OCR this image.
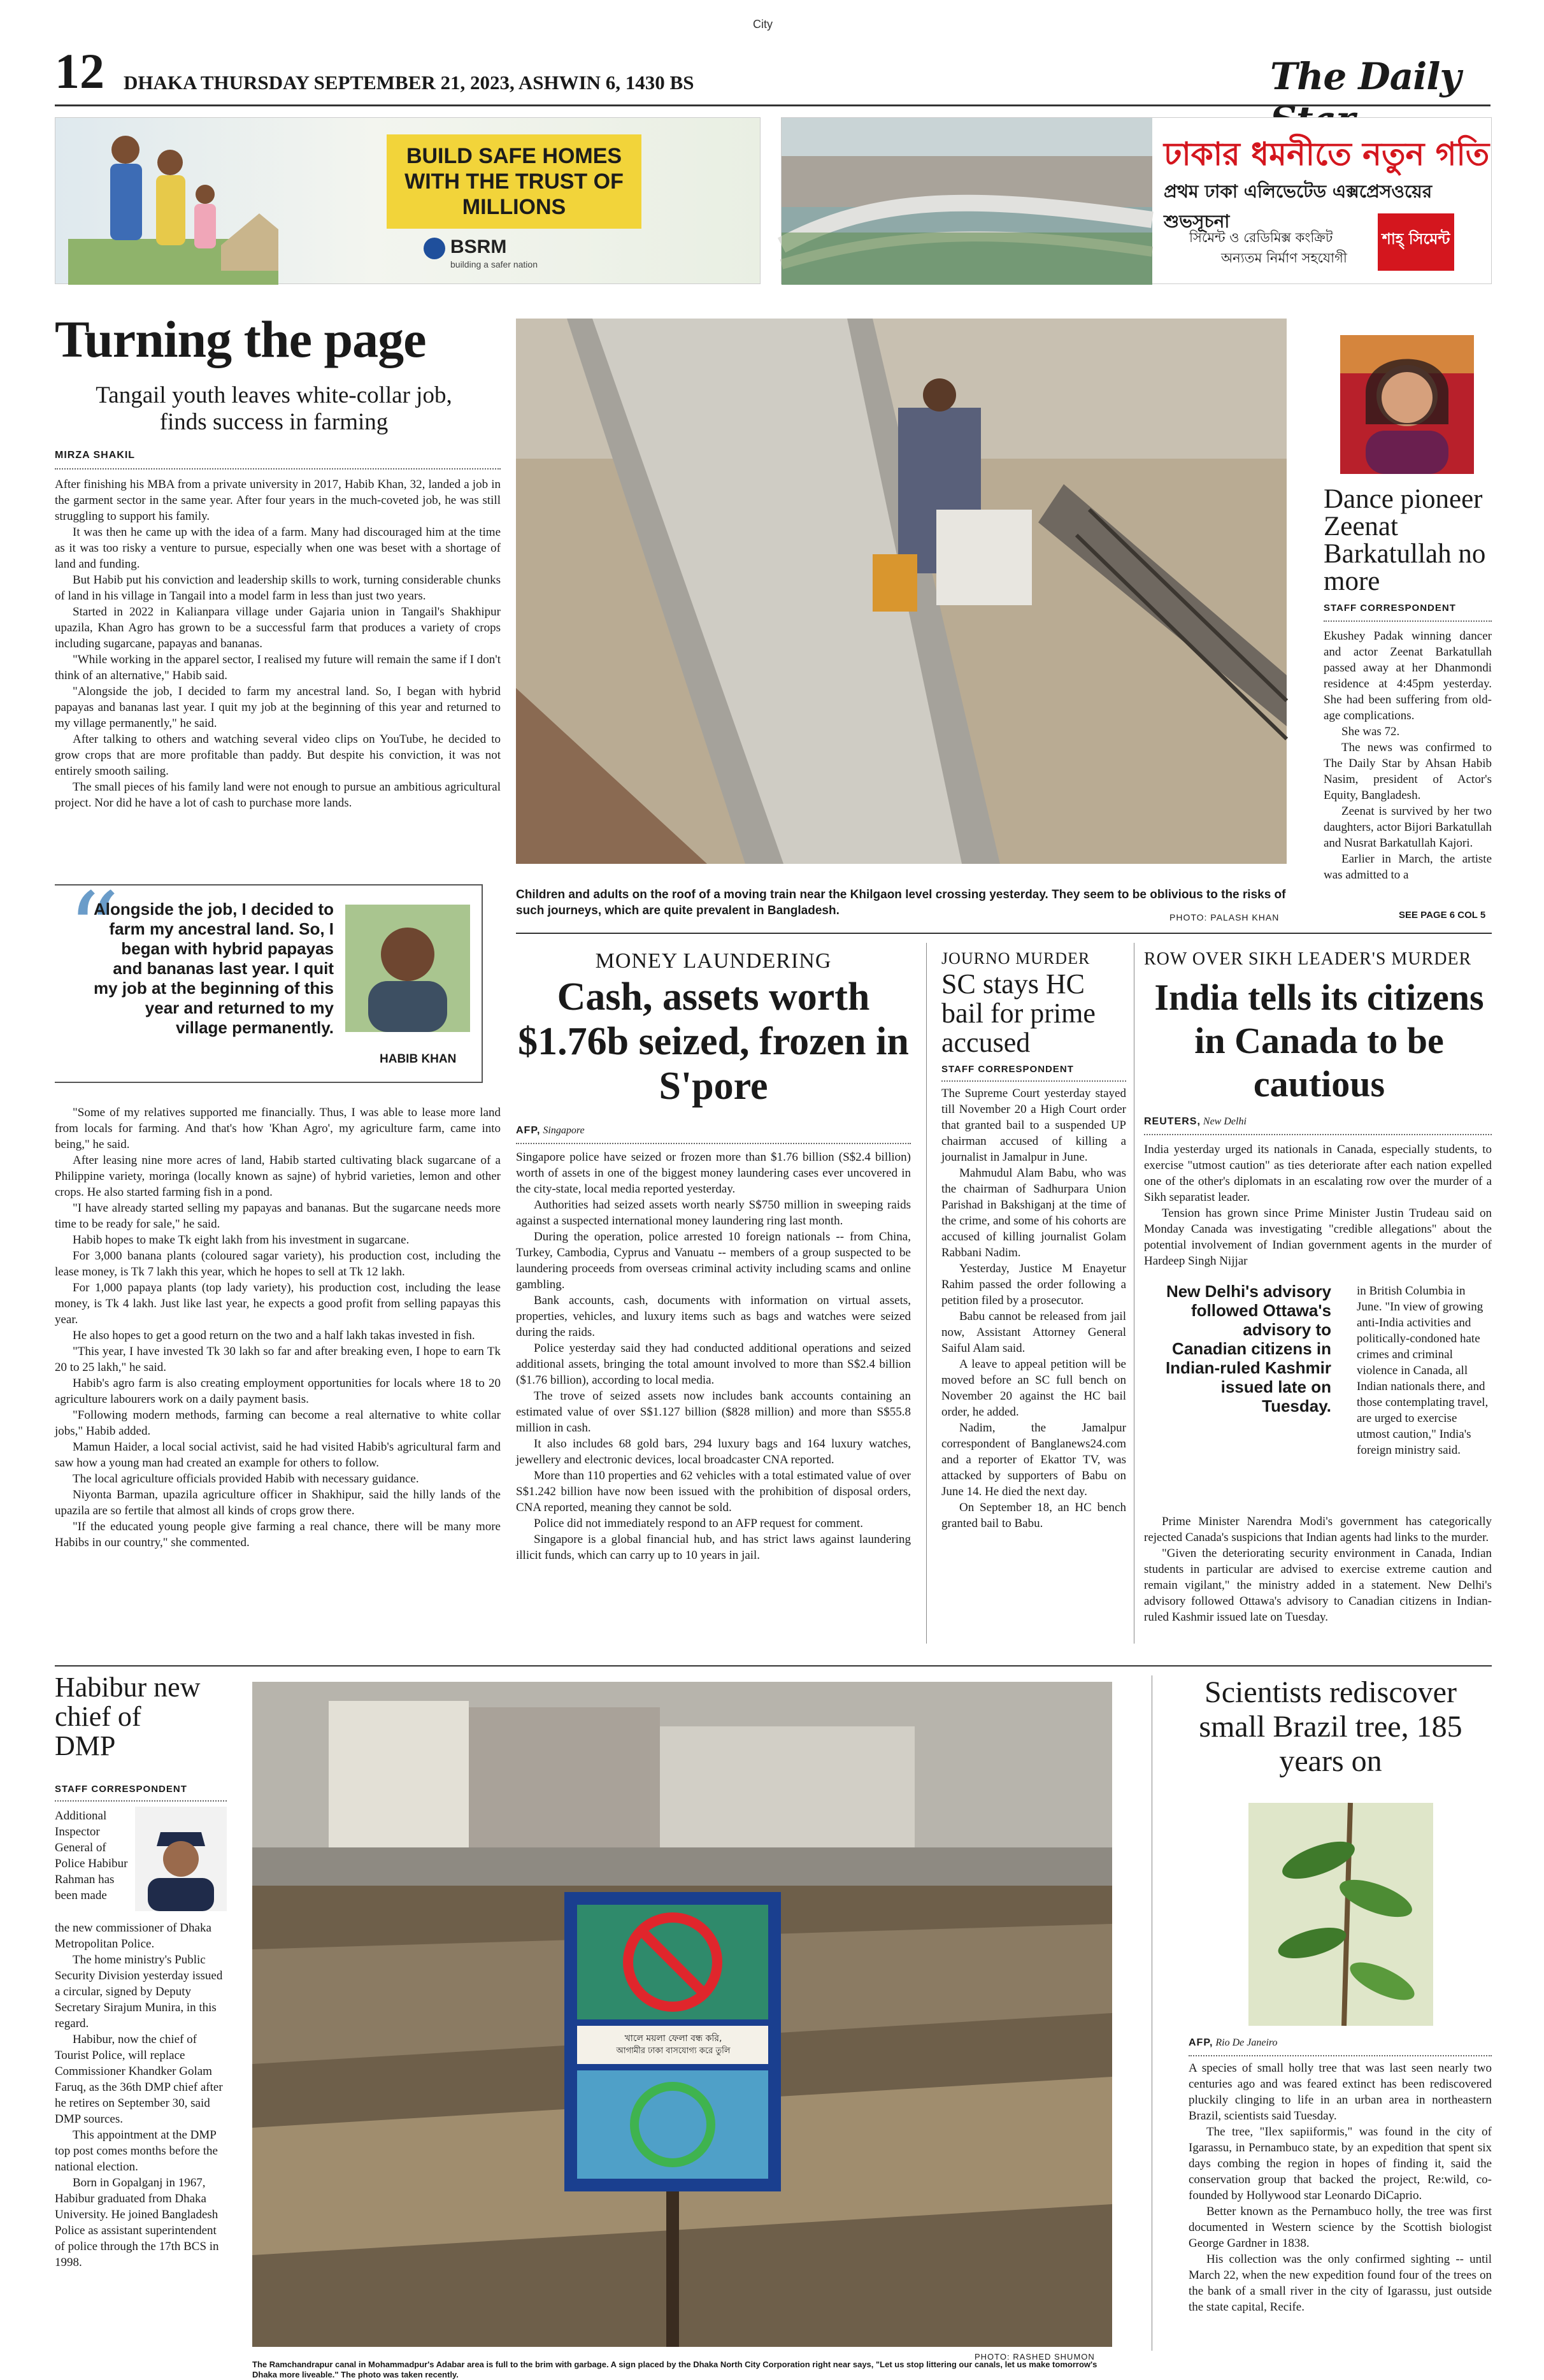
City
12 DHAKA THURSDAY SEPTEMBER 21, 2023, ASHWIN 6, 1430 BS	The Daily
BUILD SAFE HOMES WITH THE TRUST OF MILLIONS
BSRM
building a safer nation
ঢাকার ধমনীতে নতুন গতি
প্রথম ঢাকা এলিভেটেড এক্সপ্রেসওয়ের শুভসূচনা
সিমেন্ট ও রেডিমিক্স কংক্রিট
অন্যতম নির্মাণ সহযোগী
শাহ্ সিমেন্ট
Turning the page
Tangail youth leaves white-collar job, finds success in farming
MIRZA SHAKIL

After finishing his MBA from a private university in 2017, Habib Khan, 32, landed a job in the garment sector in the same year. After four years in the much-coveted job, he was still struggling to support his family.

It was then he came up with the idea of a farm. Many had discouraged him at the time as it was too risky a venture to pursue, especially when one was beset with a shortage of land and funding.

But Habib put his conviction and leadership skills to work, turning considerable chunks of land in his village in Tangail into a model farm in less than just two years.

Started in 2022 in Kalianpara village under Gajaria union in Tangail's Shakhipur upazila, Khan Agro has grown to be a successful farm that produces a variety of crops including sugarcane, papayas and bananas.

"While working in the apparel sector, I realised my future will remain the same if I don't think of an alternative," Habib said.

"Alongside the job, I decided to farm my ancestral land. So, I began with hybrid papayas and bananas last year. I quit my job at the beginning of this year and returned to my village permanently," he said.

After talking to others and watching several video clips on YouTube, he decided to grow crops that are more profitable than paddy. But despite his conviction, it was not entirely smooth sailing.

The small pieces of his family land were not enough to pursue an ambitious agricultural project. Nor did he have a lot of cash to purchase more lands.

“
Alongside the job, I decided to farm my ancestral land. So, I began with hybrid papayas and bananas last year. I quit my job at the beginning of this year and returned to my village permanently.
HABIB KHAN

"Some of my relatives supported me financially. Thus, I was able to lease more land from locals for farming. And that's how 'Khan Agro', my agriculture farm, came into being," he said.

After leasing nine more acres of land, Habib started cultivating black sugarcane of a Philippine variety, moringa (locally known as sajne) of hybrid varieties, lemon and other crops. He also started farming fish in a pond.

"I have already started selling my papayas and bananas. But the sugarcane needs more time to be ready for sale," he said.

Habib hopes to make Tk eight lakh from his investment in sugarcane.

For 3,000 banana plants (coloured sagar variety), his production cost, including the lease money, is Tk 7 lakh this year, which he hopes to sell at Tk 12 lakh.

For 1,000 papaya plants (top lady variety), his production cost, including the lease money, is Tk 4 lakh. Just like last year, he expects a good profit from selling papayas this year.

He also hopes to get a good return on the two and a half lakh takas invested in fish.

"This year, I have invested Tk 30 lakh so far and after breaking even, I hope to earn Tk 20 to 25 lakh," he said.

Habib's agro farm is also creating employment opportunities for locals where 18 to 20 agriculture labourers work on a daily payment basis.

"Following modern methods, farming can become a real alternative to white collar jobs," Habib added.

Mamun Haider, a local social activist, said he had visited Habib's agricultural farm and saw how a young man had created an example for others to follow.

The local agriculture officials provided Habib with necessary guidance.

Niyonta Barman, upazila agriculture officer in Shakhipur, said the hilly lands of the upazila are so fertile that almost all kinds of crops grow there.

"If the educated young people give farming a real chance, there will be many more Habibs in our country," she commented.

Children and adults on the roof of a moving train near the Khilgaon level crossing yesterday. They seem to be oblivious to the risks of such journeys, which are quite prevalent in Bangladesh.	PHOTO: PALASH KHAN
Dance pioneer Zeenat Barkatullah no more
STAFF CORRESPONDENT

Ekushey Padak winning dancer and actor Zeenat Barkatullah passed away at her Dhanmondi residence at 4:45pm yesterday. She had been suffering from old-age complications.

She was 72.

The news was confirmed to The Daily Star by Ahsan Habib Nasim, president of Actor's Equity, Bangladesh.

Zeenat is survived by her two daughters, actor Bijori Barkatullah and Nusrat Barkatullah Kajori.

Earlier in March, the artiste was admitted to a

SEE PAGE 6 COL 5
MONEY LAUNDERING
Cash, assets worth $1.76b seized, frozen in S'pore
AFP, Singapore

Singapore police have seized or frozen more than $1.76 billion (S$2.4 billion) worth of assets in one of the biggest money laundering cases ever uncovered in the city-state, local media reported yesterday.

Authorities had seized assets worth nearly S$750 million in sweeping raids against a suspected international money laundering ring last month.

During the operation, police arrested 10 foreign nationals -- from China, Turkey, Cambodia, Cyprus and Vanuatu -- members of a group suspected to be laundering proceeds from overseas criminal activity including scams and online gambling.

Bank accounts, cash, documents with information on virtual assets, properties, vehicles, and luxury items such as bags and watches were seized during the raids.

Police yesterday said they had conducted additional operations and seized additional assets, bringing the total amount involved to more than S$2.4 billion ($1.76 billion), according to local media.

The trove of seized assets now includes bank accounts containing an estimated value of over S$1.127 billion ($828 million) and more than S$55.8 million in cash.

It also includes 68 gold bars, 294 luxury bags and 164 luxury watches, jewellery and electronic devices, local broadcaster CNA reported.

More than 110 properties and 62 vehicles with a total estimated value of over S$1.242 billion have now been issued with the prohibition of disposal orders, CNA reported, meaning they cannot be sold.

Police did not immediately respond to an AFP request for comment.

Singapore is a global financial hub, and has strict laws against laundering illicit funds, which can carry up to 10 years in jail.

JOURNO MURDER
SC stays HC bail for prime accused
STAFF CORRESPONDENT

The Supreme Court yesterday stayed till November 20 a High Court order that granted bail to a suspended UP chairman accused of killing a journalist in Jamalpur in June.

Mahmudul Alam Babu, who was the chairman of Sadhurpara Union Parishad in Bakshiganj at the time of the crime, and some of his cohorts are accused of killing journalist Golam Rabbani Nadim.

Yesterday, Justice M Enayetur Rahim passed the order following a petition filed by a prosecutor.

Babu cannot be released from jail now, Assistant Attorney General Saiful Alam said.

A leave to appeal petition will be moved before an SC full bench on November 20 against the HC bail order, he added.

Nadim, the Jamalpur correspondent of Banglanews24.com and a reporter of Ekattor TV, was attacked by supporters of Babu on June 14. He died the next day.

On September 18, an HC bench granted bail to Babu.

ROW OVER SIKH LEADER'S MURDER
India tells its citizens in Canada to be cautious
REUTERS, New Delhi

India yesterday urged its nationals in Canada, especially students, to exercise "utmost caution" as ties deteriorate after each nation expelled one of the other's diplomats in an escalating row over the murder of a Sikh separatist leader.

Tension has grown since Prime Minister Justin Trudeau said on Monday Canada was investigating "credible allegations" about the potential involvement of Indian government agents in the murder of Hardeep Singh Nijjar

New Delhi's advisory followed Ottawa's advisory to Canadian citizens in Indian-ruled Kashmir issued late on Tuesday.

in British Columbia in June. "In view of growing anti-India activities and politically-condoned hate crimes and criminal violence in Canada, all Indian nationals there, and those contemplating travel, are urged to exercise utmost caution," India's foreign ministry said.

Prime Minister Narendra Modi's government has categorically rejected Canada's suspicions that Indian agents had links to the murder.

"Given the deteriorating security environment in Canada, Indian students in particular are advised to exercise extreme caution and remain vigilant," the ministry added in a statement. New Delhi's advisory followed Ottawa's advisory to Canadian citizens in Indian-ruled Kashmir issued late on Tuesday.

Habibur new chief of DMP
STAFF CORRESPONDENT

Additional Inspector General of Police Habibur Rahman has been made

the new commissioner of Dhaka Metropolitan Police.

The home ministry's Public Security Division yesterday issued a circular, signed by Deputy Secretary Sirajum Munira, in this regard.

Habibur, now the chief of Tourist Police, will replace Commissioner Khandker Golam Faruq, as the 36th DMP chief after he retires on September 30, said DMP sources.

This appointment at the DMP top post comes months before the national election.

Born in Gopalganj in 1967, Habibur graduated from Dhaka University. He joined Bangladesh Police as assistant superintendent of police through the 17th BCS in 1998.

খালে ময়লা ফেলা বন্ধ করি,
আগামীর ঢাকা বাসযোগ্য করে তুলি
PHOTO: RASHED SHUMON
The Ramchandrapur canal in Mohammadpur's Adabar area is full to the brim with garbage. A sign placed by the Dhaka North City Corporation right near says, "Let us stop littering our canals, let us make tomorrow's Dhaka more liveable." The photo was taken recently.
Scientists rediscover small Brazil tree, 185 years on
AFP, Rio De Janeiro

A species of small holly tree that was last seen nearly two centuries ago and was feared extinct has been rediscovered pluckily clinging to life in an urban area in northeastern Brazil, scientists said Tuesday.

The tree, "Ilex sapiiformis," was found in the city of Igarassu, in Pernambuco state, by an expedition that spent six days combing the region in hopes of finding it, said the conservation group that backed the project, Re:wild, co-founded by Hollywood star Leonardo DiCaprio.

Better known as the Pernambuco holly, the tree was first documented in Western science by the Scottish biologist George Gardner in 1838.

His collection was the only confirmed sighting -- until March 22, when the new expedition found four of the trees on the bank of a small river in the city of Igarassu, just outside the state capital, Recife.
